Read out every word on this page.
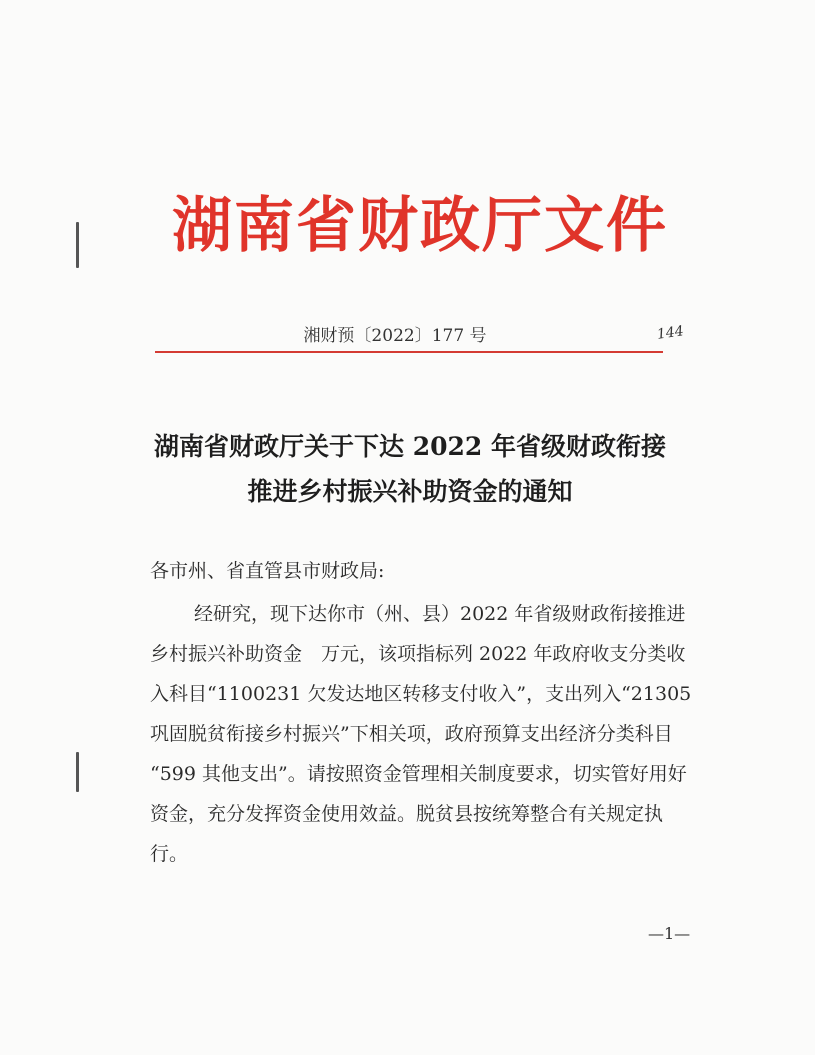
湖南省财政厅文件
湘财预〔2022〕177 号	144
湖南省财政厅关于下达 2022 年省级财政衔接
推进乡村振兴补助资金的通知
各市州、省直管县市财政局:
经研究，现下达你市（州、县）2022 年省级财政衔接推进
乡村振兴补助资金　万元，该项指标列 2022 年政府收支分类收
入科目“1100231 欠发达地区转移支付收入”，支出列入“21305
巩固脱贫衔接乡村振兴”下相关项，政府预算支出经济分类科目
“599 其他支出”。请按照资金管理相关制度要求，切实管好用好
资金，充分发挥资金使用效益。脱贫县按统筹整合有关规定执
行。
—1—
